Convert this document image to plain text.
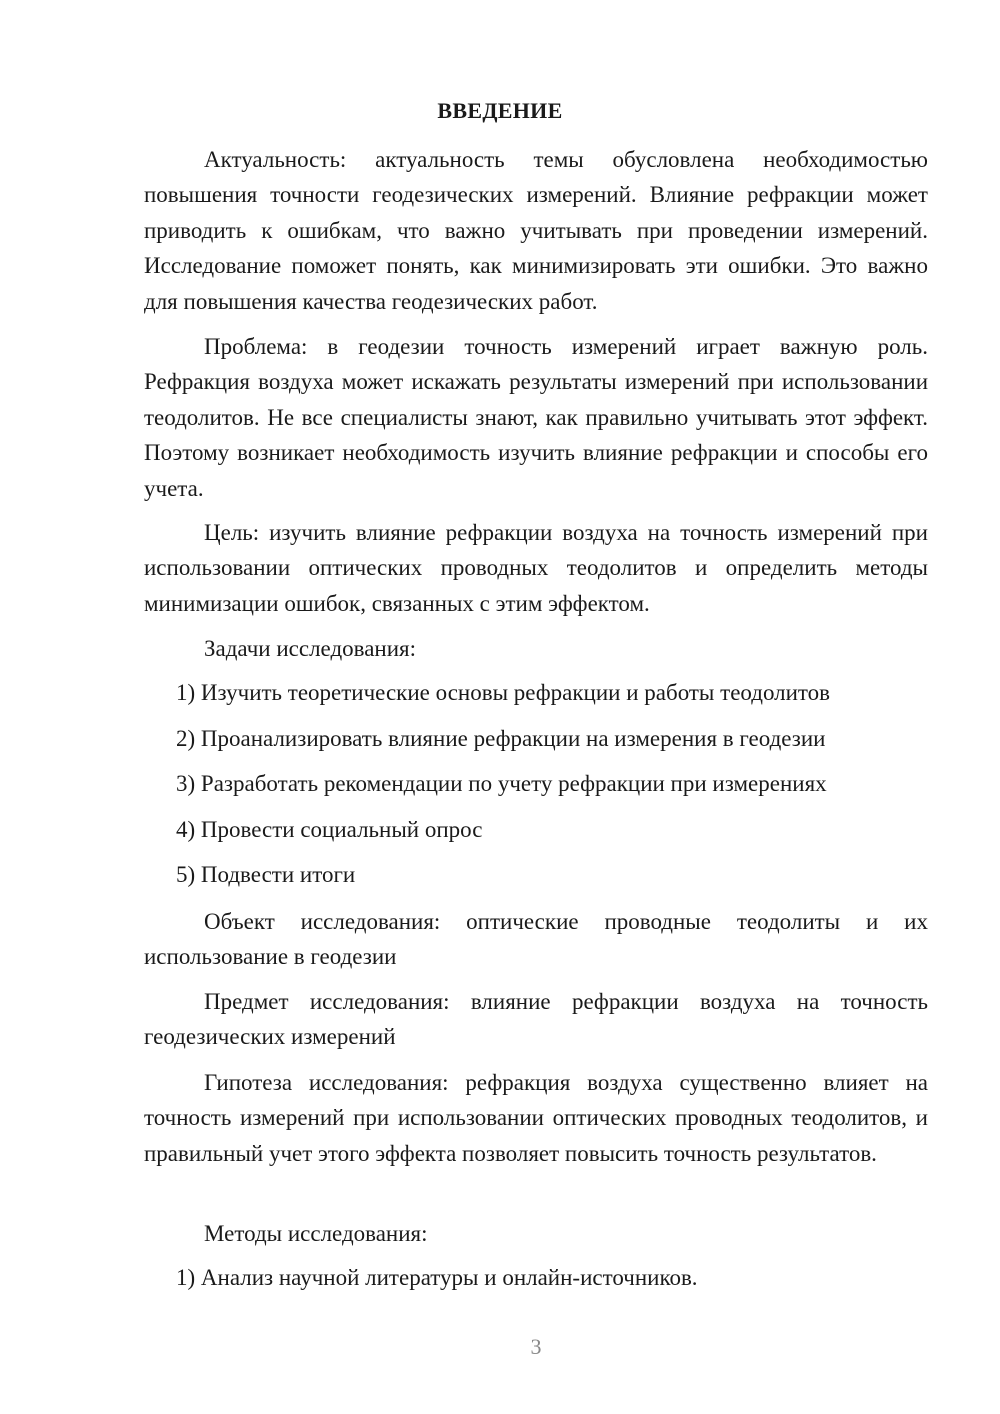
ВВЕДЕНИЕ

Актуальность: актуальность темы обусловлена необходимостью повышения точности геодезических измерений. Влияние рефракции может приводить к ошибкам, что важно учитывать при проведении измерений. Исследование поможет понять, как минимизировать эти ошибки. Это важно для повышения качества геодезических работ.

Проблема: в геодезии точность измерений играет важную роль. Рефракция воздуха может искажать результаты измерений при использовании теодолитов. Не все специалисты знают, как правильно учитывать этот эффект. Поэтому возникает необходимость изучить влияние рефракции и способы его учета.

Цель: изучить влияние рефракции воздуха на точность измерений при использовании оптических проводных теодолитов и определить методы минимизации ошибок, связанных с этим эффектом.

Задачи исследования:

1) Изучить теоретические основы рефракции и работы теодолитов

2) Проанализировать влияние рефракции на измерения в геодезии

3) Разработать рекомендации по учету рефракции при измерениях

4) Провести социальный опрос

5) Подвести итоги

Объект исследования: оптические проводные теодолиты и их использование в геодезии

Предмет исследования: влияние рефракции воздуха на точность геодезических измерений

Гипотеза исследования: рефракция воздуха существенно влияет на точность измерений при использовании оптических проводных теодолитов, и правильный учет этого эффекта позволяет повысить точность результатов.

Методы исследования:

1) Анализ научной литературы и онлайн-источников.

3
